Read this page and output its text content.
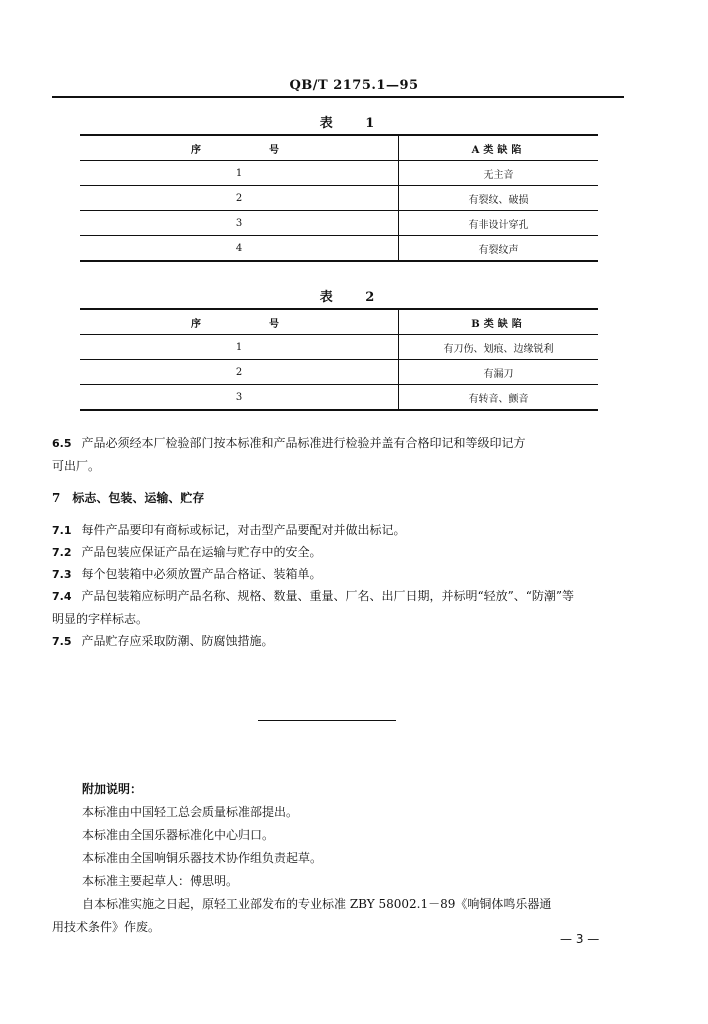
QB/T 2175.1—95
表 1
序号	A类缺陷
1	无主音
2	有裂纹、破损
3	有非设计穿孔
4	有裂纹声
表 2
序号	B类缺陷
1	有刀伤、划痕、边缘锐利
2	有漏刀
3	有转音、颤音
6.5 产品必须经本厂检验部门按本标准和产品标准进行检验并盖有合格印记和等级印记方
可出厂。
7 标志、包装、运输、贮存
7.1 每件产品要印有商标或标记，对击型产品要配对并做出标记。
7.2 产品包装应保证产品在运输与贮存中的安全。
7.3 每个包装箱中必须放置产品合格证、装箱单。
7.4 产品包装箱应标明产品名称、规格、数量、重量、厂名、出厂日期，并标明“轻放”、“防潮”等
明显的字样标志。
7.5 产品贮存应采取防潮、防腐蚀措施。
附加说明：
本标准由中国轻工总会质量标准部提出。
本标准由全国乐器标准化中心归口。
本标准由全国响铜乐器技术协作组负责起草。
本标准主要起草人：傅思明。
自本标准实施之日起，原轻工业部发布的专业标准 ZBY 58002.1－89《响铜体鸣乐器通
用技术条件》作废。
— 3 —
